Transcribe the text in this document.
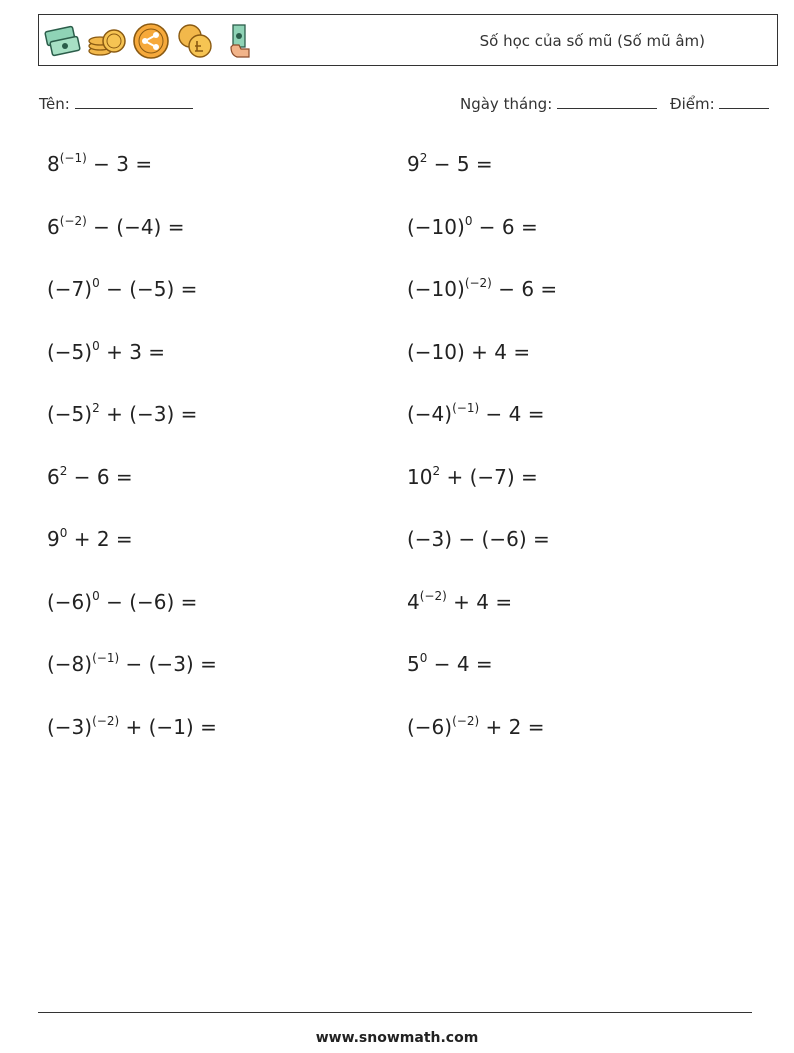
Số học của số mũ (Số mũ âm)
Tên:	Ngày tháng:	Điểm:
$8^{(-1)} - 3$ =	$9^2 - 5$ =
$6^{(-2)} - (-4)$ =	$(-10)^0 - 6$ =
$(-7)^0 - (-5)$ =	$(-10)^{(-2)} - 6$ =
$(-5)^0 + 3$ =	(−10) + 4 =
$(-5)^2 + (-3)$ =	$(-4)^{(-1)} - 4$ =
$6^2 - 6$ =	$10^2 + (-7)$ =
$9^0 + 2$ =	(−3) − (−6) =
$(-6)^0 - (-6)$ =	$4^{(-2)} + 4$ =
$(-8)^{(-1)} - (-3)$ =	$5^0 - 4$ =
$(-3)^{(-2)} + (-1)$ =	$(-6)^{(-2)} + 2$ =
www.snowmath.com
